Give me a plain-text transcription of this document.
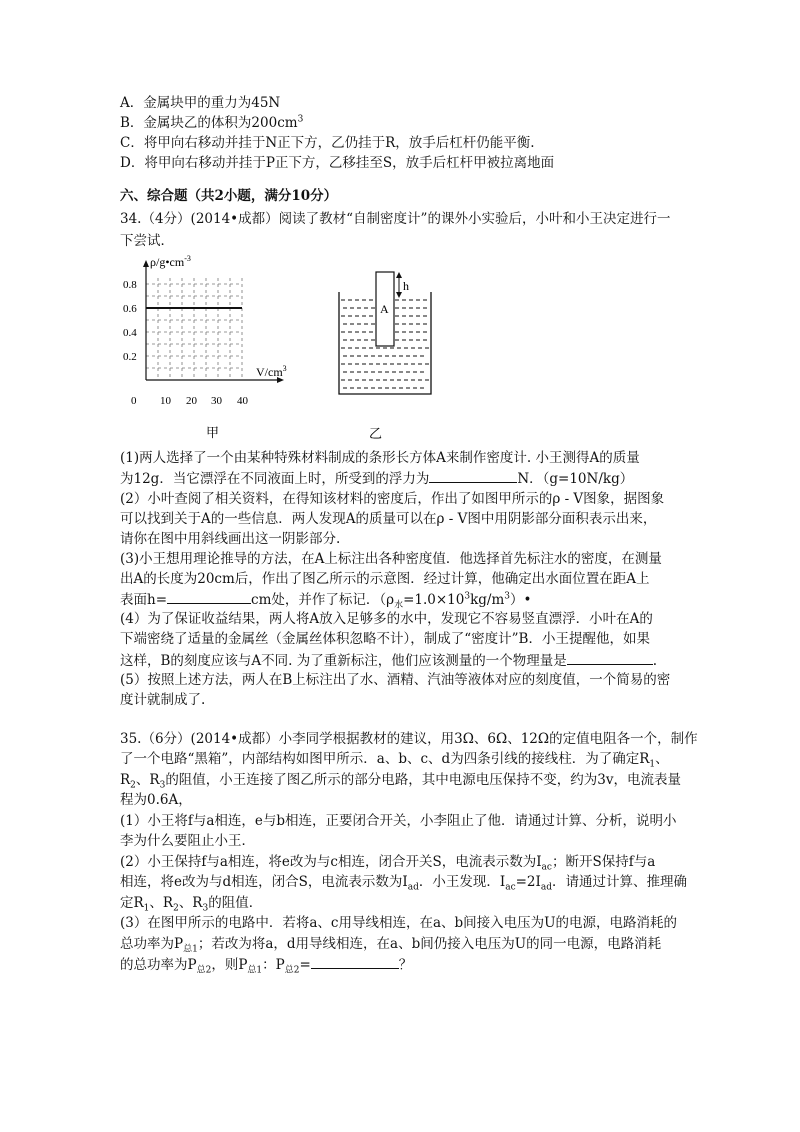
A．金属块甲的重力为45N
B．金属块乙的体积为$200cm^3$
C．将甲向右移动并挂于N正下方，乙仍挂于R，放手后杠杆仍能平衡.
D．将甲向右移动并挂于P正下方，乙移挂至S，放手后杠杆甲被拉离地面
六、综合题（共2小题，满分10分）
34.（4分）(2014•成都）阅读了教材“自制密度计”的课外小实验后，小叶和小王决定进行一
下尝试．
$\rho/g•cm^{-3}$
$V/cm^3$
0.8
0.6
0.4
0.2
0 10 20 30 40
甲
A
h
乙
(1)两人选择了一个由某种特殊材料制成的条形长方体A来制作密度计. 小王测得A的质量
为12g．当它漂浮在不同液面上时，所受到的浮力为	N．（g=10N/kg）
(2）小叶查阅了相关资料，在得知该材料的密度后，作出了如图甲所示的ρ - V图象，据图象
可以找到关于A的一些信息．两人发现A的质量可以在ρ - V图中用阴影部分面积表示出来，
请你在图中用斜线画出这一阴影部分.
(3)小王想用理论推导的方法，在A上标注出各种密度值．他选择首先标注水的密度，在测量
出A的长度为20cm后，作出了图乙所示的示意图．经过计算，他确定出水面位置在距A上
表面h=	cm处，并作了标记．$(\rho_水=1.0\times 10^3kg/m^3)•$
(4）为了保证收益结果，两人将A放入足够多的水中，发现它不容易竖直漂浮．小叶在A的
下端密绕了适量的金属丝（金属丝体积忽略不计），制成了“密度计”B．小王提醒他，如果
这样，B的刻度应该与A不同. 为了重新标注，他们应该测量的一个物理量是	.
(5）按照上述方法，两人在B上标注出了水、酒精、汽油等液体对应的刻度值，一个简易的密
度计就制成了.
35.（6分）(2014•成都）小李同学根据教材的建议，用3Ω、6Ω、12Ω的定值电阻各一个，制作
了一个电路“黑箱”，内部结构如图甲所示．a、b、c、d为四条引线的接线柱．为了确定$R_1$、
$R_2$、$R_3$的阻值，小王连接了图乙所示的部分电路，其中电源电压保持不变，约为3v，电流表量
程为0.6A，
(1）小王将f与a相连，e与b相连，正要闭合开关，小李阻止了他．请通过计算、分析，说明小
李为什么要阻止小王．
(2）小王保持f与a相连，将e改为与c相连，闭合开关S，电流表示数为$I_{ac}$；断开S保持f与a
相连，将e改为与d相连，闭合S，电流表示数为$I_{ad}$．小王发现．$I_{ac}=2I_{ad}$．请通过计算、推理确
定$R_1$、$R_2$、$R_3$的阻值．
(3）在图甲所示的电路中．若将a、c用导线相连，在a、b间接入电压为U的电源，电路消耗的
总功率为$P_{总1}$；若改为将a，d用导线相连，在a、b间仍接入电压为U的同一电源，电路消耗
的总功率为$P_{总2}$，则$P_{总1}$：$P_{总2}=$	？
